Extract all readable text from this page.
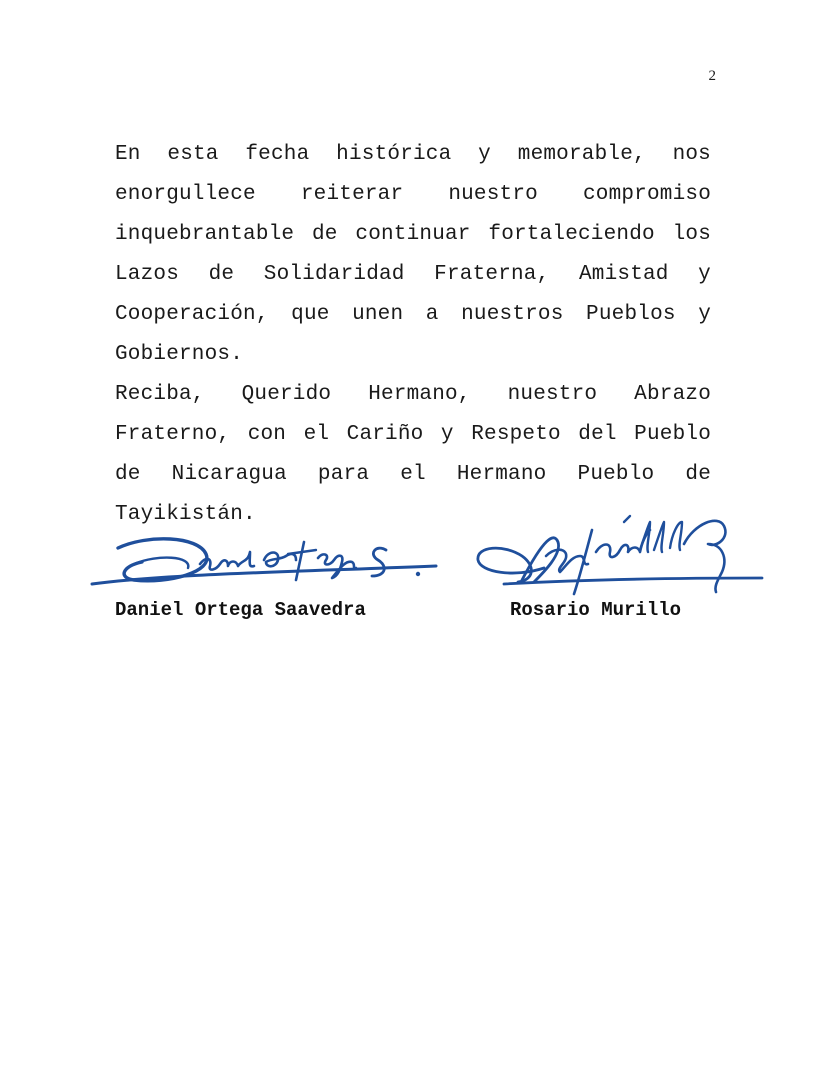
2

En esta fecha histórica y memorable, nos enorgullece reiterar nuestro compromiso inquebrantable de continuar fortaleciendo los Lazos de Solidaridad Fraterna, Amistad y Cooperación, que unen a nuestros Pueblos y Gobiernos.

Reciba, Querido Hermano, nuestro Abrazo Fraterno, con el Cariño y Respeto del Pueblo de Nicaragua para el Hermano Pueblo de Tayikistán.

Daniel Ortega Saavedra	Rosario Murillo
